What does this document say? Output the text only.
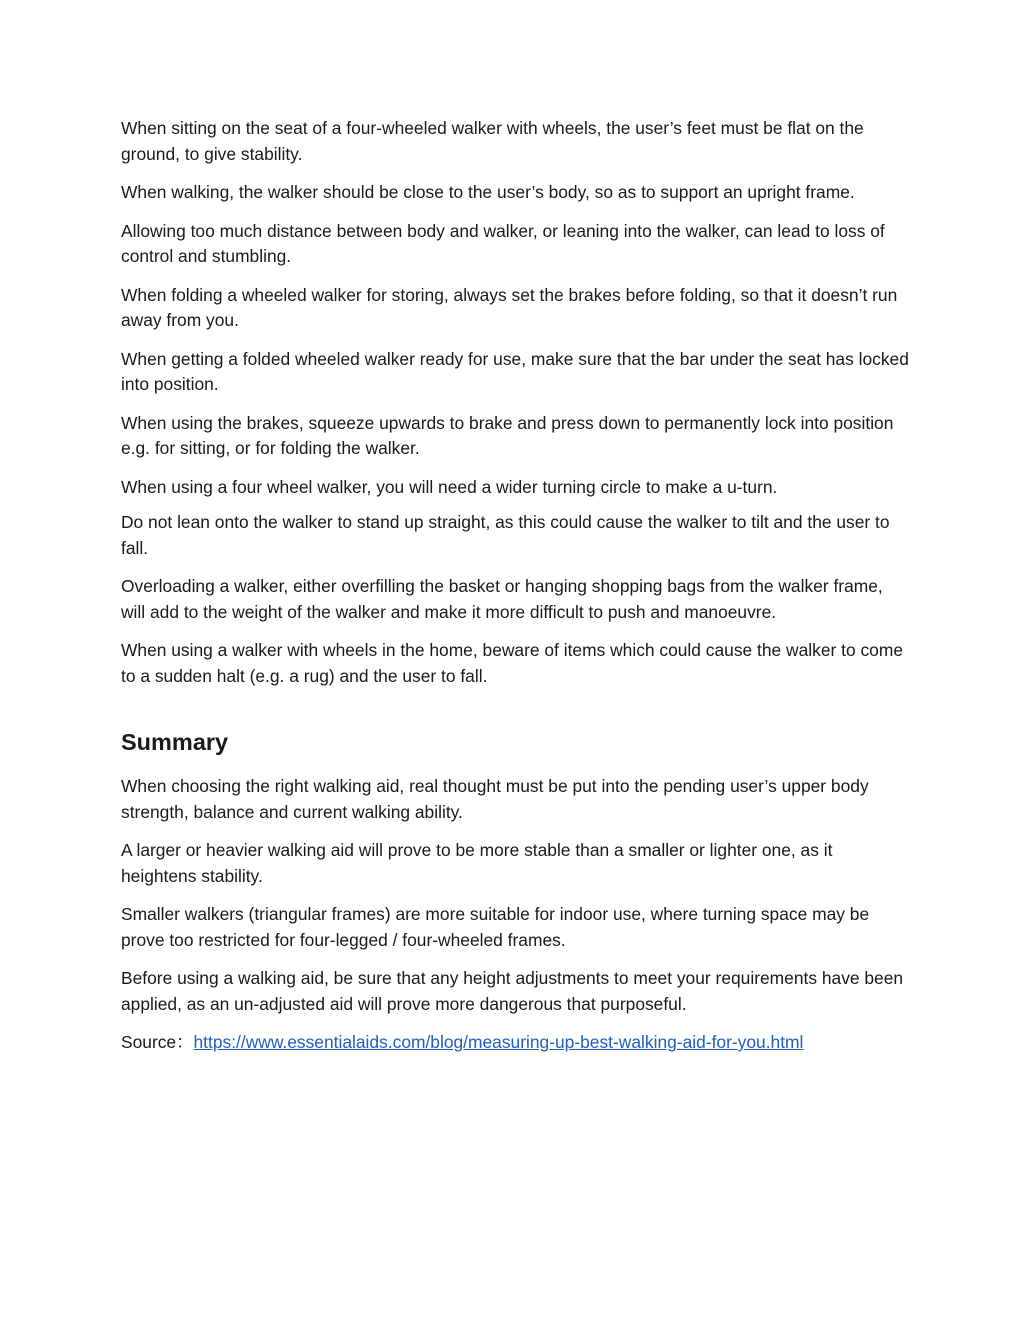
When sitting on the seat of a four-wheeled walker with wheels, the user’s feet must be flat on the ground, to give stability.

When walking, the walker should be close to the user’s body, so as to support an upright frame.

Allowing too much distance between body and walker, or leaning into the walker, can lead to loss of control and stumbling.

When folding a wheeled walker for storing, always set the brakes before folding, so that it doesn’t run away from you.

When getting a folded wheeled walker ready for use, make sure that the bar under the seat has locked into position.

When using the brakes, squeeze upwards to brake and press down to permanently lock into position e.g. for sitting, or for folding the walker.

When using a four wheel walker, you will need a wider turning circle to make a u-turn.

Do not lean onto the walker to stand up straight, as this could cause the walker to tilt and the user to fall.

Overloading a walker, either overfilling the basket or hanging shopping bags from the walker frame, will add to the weight of the walker and make it more difficult to push and manoeuvre.

When using a walker with wheels in the home, beware of items which could cause the walker to come to a sudden halt (e.g. a rug) and the user to fall.

Summary

When choosing the right walking aid, real thought must be put into the pending user’s upper body strength, balance and current walking ability.

A larger or heavier walking aid will prove to be more stable than a smaller or lighter one, as it heightens stability.

Smaller walkers (triangular frames) are more suitable for indoor use, where turning space may be prove too restricted for four-legged / four-wheeled frames.

Before using a walking aid, be sure that any height adjustments to meet your requirements have been applied, as an un-adjusted aid will prove more dangerous that purposeful.

Source：https://www.essentialaids.com/blog/measuring-up-best-walking-aid-for-you.html
